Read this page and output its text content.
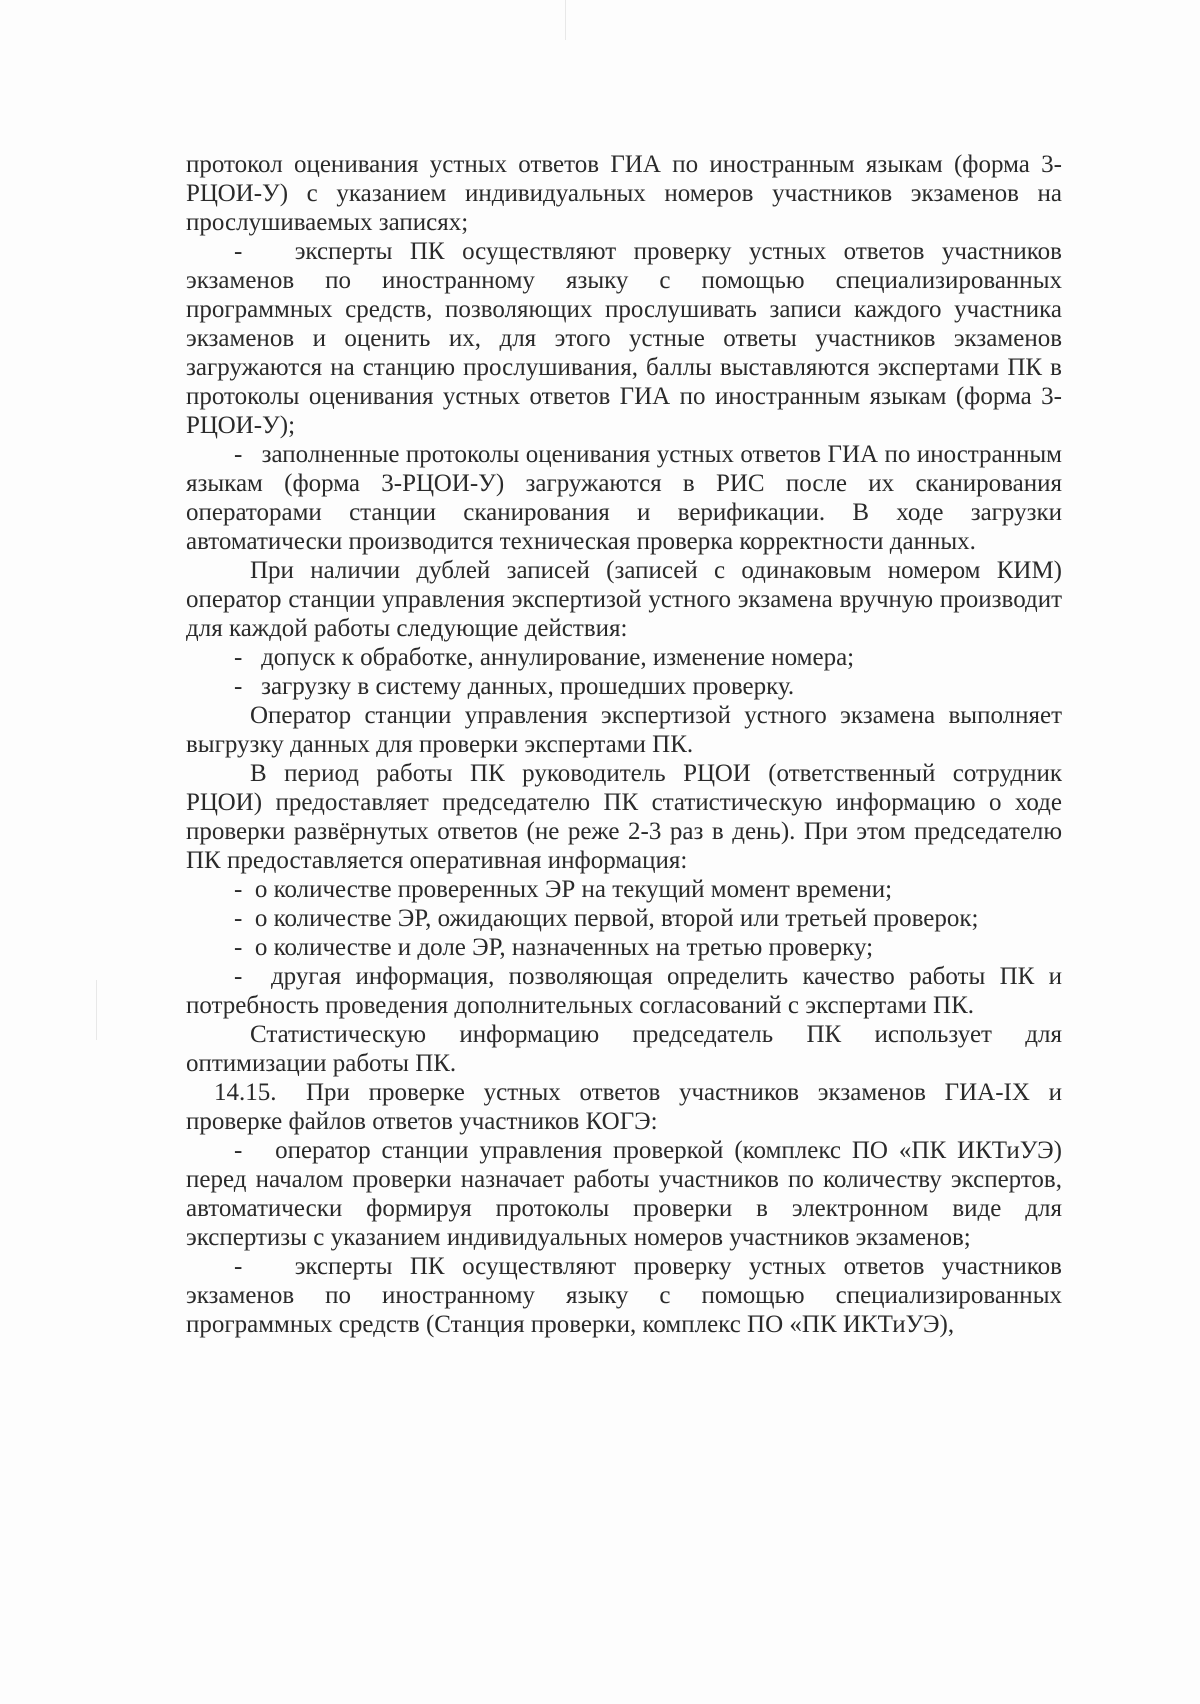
протокол оценивания устных ответов ГИА по иностранным языкам (форма 3-РЦОИ-У) с указанием индивидуальных номеров участников экзаменов на прослушиваемых записях;

- эксперты ПК осуществляют проверку устных ответов участников экзаменов по иностранному языку с помощью специализированных программных средств, позволяющих прослушивать записи каждого участника экзаменов и оценить их, для этого устные ответы участников экзаменов загружаются на станцию прослушивания, баллы выставляются экспертами ПК в протоколы оценивания устных ответов ГИА по иностранным языкам (форма 3-РЦОИ-У);

- заполненные протоколы оценивания устных ответов ГИА по иностранным языкам (форма 3-РЦОИ-У) загружаются в РИС после их сканирования операторами станции сканирования и верификации. В ходе загрузки автоматически производится техническая проверка корректности данных.

При наличии дублей записей (записей с одинаковым номером КИМ) оператор станции управления экспертизой устного экзамена вручную производит для каждой работы следующие действия:

- допуск к обработке, аннулирование, изменение номера;

- загрузку в систему данных, прошедших проверку.

Оператор станции управления экспертизой устного экзамена выполняет выгрузку данных для проверки экспертами ПК.

В период работы ПК руководитель РЦОИ (ответственный сотрудник РЦОИ) предоставляет председателю ПК статистическую информацию о ходе проверки развёрнутых ответов (не реже 2-3 раз в день). При этом председателю ПК предоставляется оперативная информация:

- о количестве проверенных ЭР на текущий момент времени;

- о количестве ЭР, ожидающих первой, второй или третьей проверок;

- о количестве и доле ЭР, назначенных на третью проверку;

- другая информация, позволяющая определить качество работы ПК и потребность проведения дополнительных согласований с экспертами ПК.

Статистическую информацию председатель ПК использует для оптимизации работы ПК.

14.15. При проверке устных ответов участников экзаменов ГИА-IX и проверке файлов ответов участников КОГЭ:

- оператор станции управления проверкой (комплекс ПО «ПК ИКТиУЭ) перед началом проверки назначает работы участников по количеству экспертов, автоматически формируя протоколы проверки в электронном виде для экспертизы с указанием индивидуальных номеров участников экзаменов;

- эксперты ПК осуществляют проверку устных ответов участников экзаменов по иностранному языку с помощью специализированных программных средств (Станция проверки, комплекс ПО «ПК ИКТиУЭ),
